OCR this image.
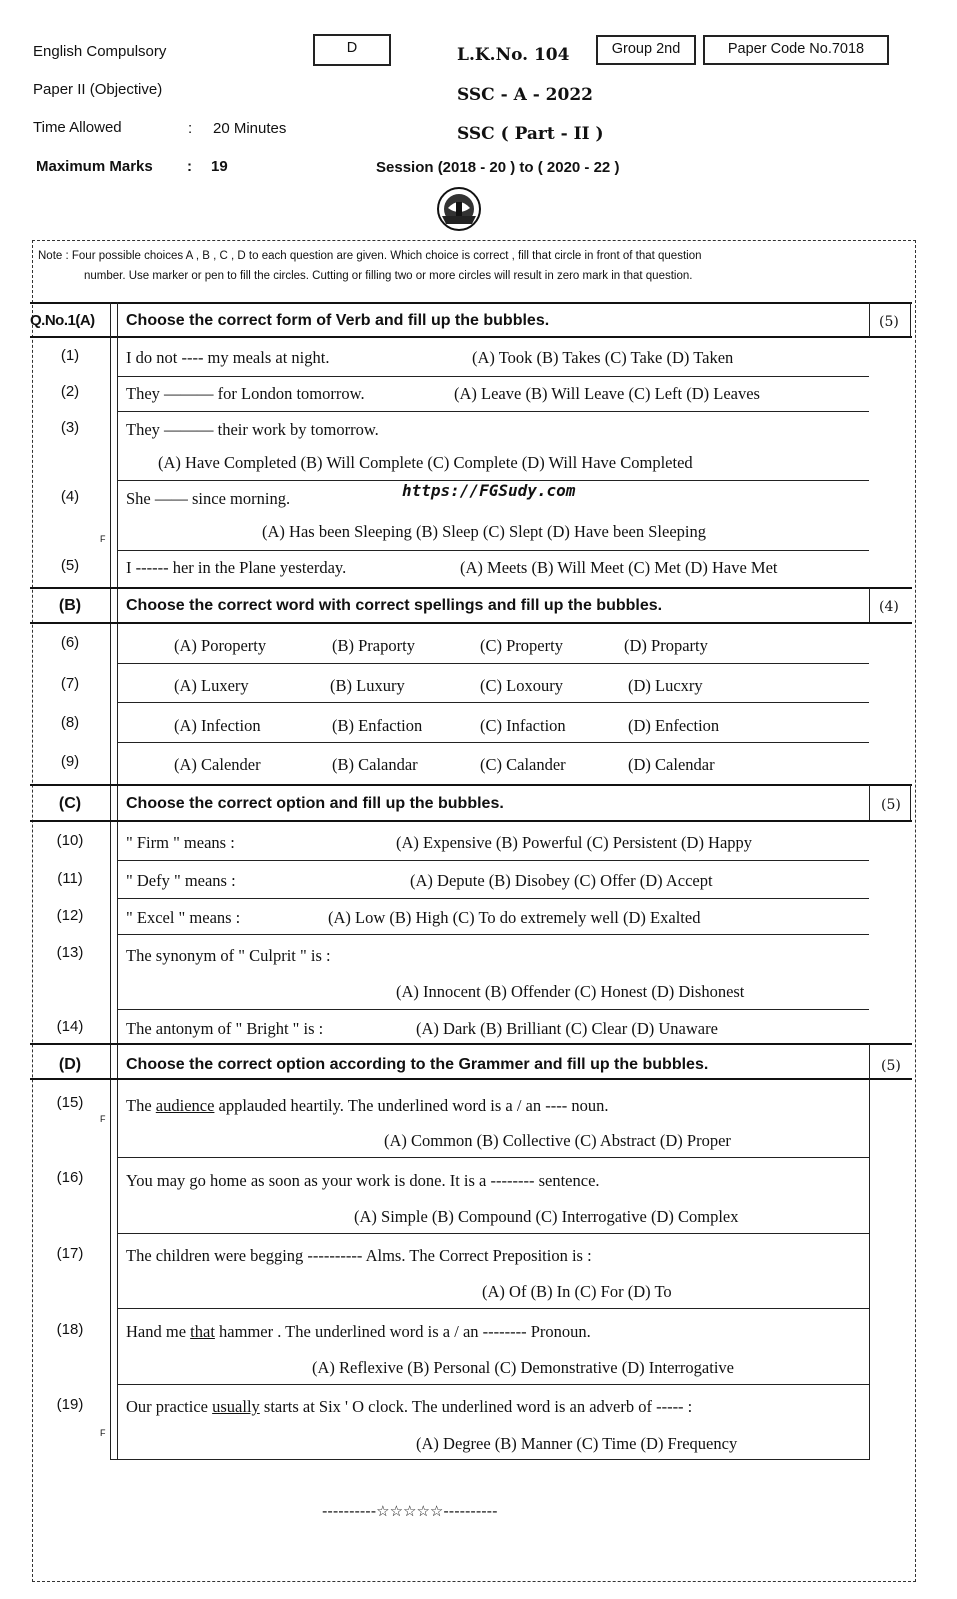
English Compulsory
Paper II (Objective)
Time Allowed	: 20 Minutes
Maximum Marks : 19
D	L.K.No. 104
SSC - A - 2022
SSC ( Part - II )
Session (2018 - 20 ) to ( 2020 - 22 )
Group 2nd	Paper Code No.7018
Note : Four possible choices A , B , C , D to each question are given. Which choice is correct , fill that circle in front of that question
number. Use marker or pen to fill the circles. Cutting or filling two or more circles will result in zero mark in that question.
Q.No.1(A) Choose the correct form of Verb and fill up the bubbles.	(5)
(1)	I do not ---- my meals at night.	(A) Took (B) Takes (C) Take (D) Taken
(2)	They ——— for London tomorrow.	(A) Leave (B) Will Leave (C) Left (D) Leaves
(3)	They ——— their work by tomorrow.
(A) Have Completed (B) Will Complete (C) Complete (D) Will Have Completed
(4)	She —— since morning.	https://FGSudy.com
F	(A) Has been Sleeping (B) Sleep (C) Slept (D) Have been Sleeping
(5)	I ------ her in the Plane yesterday.	(A) Meets (B) Will Meet (C) Met (D) Have Met
(B)	Choose the correct word with correct spellings and fill up the bubbles.	(4)
(6)	(A) Poroperty	(B) Praporty	(C) Property	(D) Proparty
(7)	(A) Luxery	(B) Luxury	(C) Loxoury	(D) Lucxry
(8)	(A) Infection	(B) Enfaction	(C) Infaction	(D) Enfection
(9)	(A) Calender	(B) Calandar	(C) Calander	(D) Calendar
(C)	Choose the correct option and fill up the bubbles.	(5)
(10)	" Firm " means :	(A) Expensive (B) Powerful (C) Persistent (D) Happy
(11)	" Defy " means :	(A) Depute (B) Disobey (C) Offer (D) Accept
(12)	" Excel " means :	(A) Low (B) High (C) To do extremely well (D) Exalted
(13)	The synonym of " Culprit " is :
(A) Innocent (B) Offender (C) Honest (D) Dishonest
(14)	The antonym of " Bright " is :	(A) Dark (B) Brilliant (C) Clear (D) Unaware
(D)	Choose the correct option according to the Grammer and fill up the bubbles.	(5)
(15)
F
The audience applauded heartily. The underlined word is a / an ---- noun.
(A) Common (B) Collective (C) Abstract (D) Proper
(16)	You may go home as soon as your work is done. It is a -------- sentence.
(A) Simple (B) Compound (C) Interrogative (D) Complex
(17)	The children were begging ---------- Alms. The Correct Preposition is :
(A) Of (B) In (C) For (D) To
(18)	Hand me that hammer . The underlined word is a / an -------- Pronoun.
(A) Reflexive (B) Personal (C) Demonstrative (D) Interrogative
(19)
F
Our practice usually starts at Six ' O clock. The underlined word is an adverb of ----- :
(A) Degree (B) Manner (C) Time (D) Frequency
----------☆☆☆☆☆----------
